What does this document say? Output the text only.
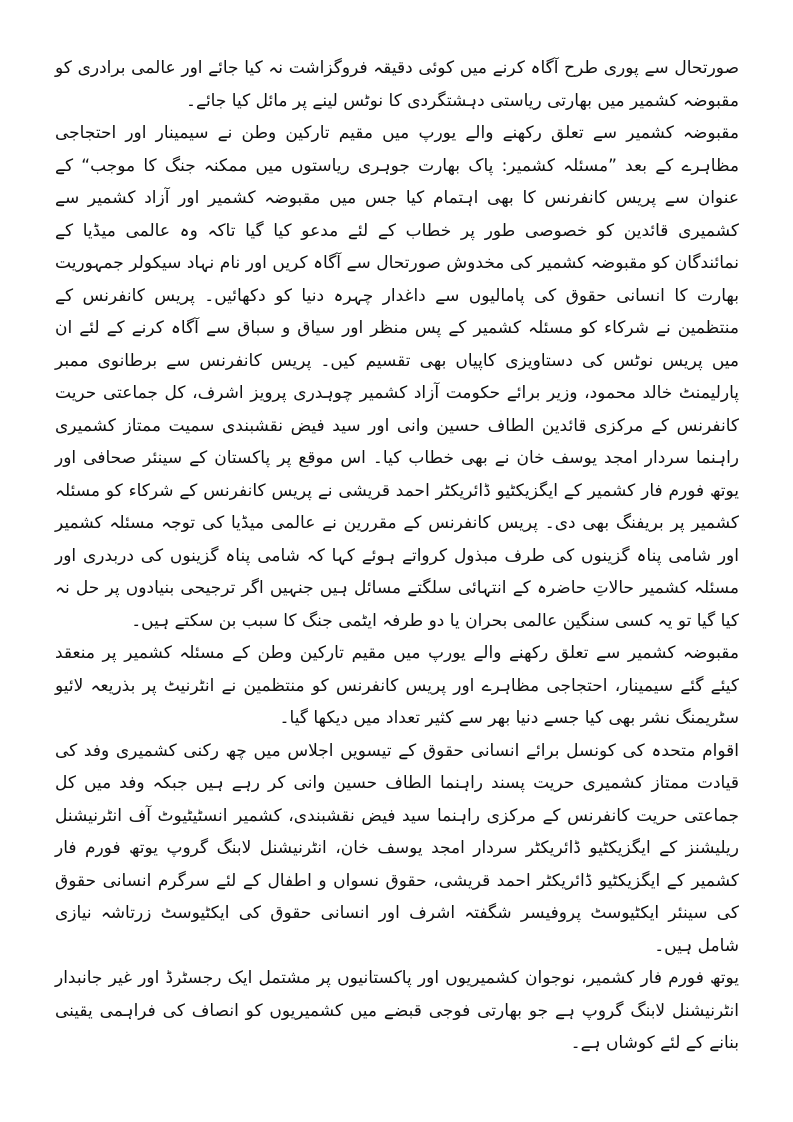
صورتحال سے پوری طرح آگاہ کرنے میں کوئی دقیقہ فروگزاشت نہ کیا جائے اور عالمی برادری کو مقبوضہ کشمیر میں بھارتی ریاستی دہشتگردی کا نوٹس لینے پر مائل کیا جائے۔

مقبوضہ کشمیر سے تعلق رکھنے والے یورپ میں مقیم تارکین وطن نے سیمینار اور احتجاجی مظاہرے کے بعد ”مسئلہ کشمیر: پاک بھارت جوہری ریاستوں میں ممکنہ جنگ کا موجب“ کے عنوان سے پریس کانفرنس کا بھی اہتمام کیا جس میں مقبوضہ کشمیر اور آزاد کشمیر سے کشمیری قائدین کو خصوصی طور پر خطاب کے لئے مدعو کیا گیا تاکہ وہ عالمی میڈیا کے نمائندگان کو مقبوضہ کشمیر کی مخدوش صورتحال سے آگاہ کریں اور نام نہاد سیکولر جمہوریت بھارت کا انسانی حقوق کی پامالیوں سے داغدار چہرہ دنیا کو دکھائیں۔ پریس کانفرنس کے منتظمین نے شرکاء کو مسئلہ کشمیر کے پس منظر اور سیاق و سباق سے آگاہ کرنے کے لئے ان میں پریس نوٹس کی دستاویزی کاپیاں بھی تقسیم کیں۔ پریس کانفرنس سے برطانوی ممبر پارلیمنٹ خالد محمود، وزیر برائے حکومت آزاد کشمیر چوہدری پرویز اشرف، کل جماعتی حریت کانفرنس کے مرکزی قائدین الطاف حسین وانی اور سید فیض نقشبندی سمیت ممتاز کشمیری راہنما سردار امجد یوسف خان نے بھی خطاب کیا۔ اس موقع پر پاکستان کے سینئر صحافی اور یوتھ فورم فار کشمیر کے ایگزیکٹیو ڈائریکٹر احمد قریشی نے پریس کانفرنس کے شرکاء کو مسئلہ کشمیر پر بریفنگ بھی دی۔ پریس کانفرنس کے مقررین نے عالمی میڈیا کی توجہ مسئلہ کشمیر اور شامی پناہ گزینوں کی طرف مبذول کرواتے ہوئے کہا کہ شامی پناہ گزینوں کی دربدری اور مسئلہ کشمیر حالاتِ حاضرہ کے انتہائی سلگتے مسائل ہیں جنہیں اگر ترجیحی بنیادوں پر حل نہ کیا گیا تو یہ کسی سنگین عالمی بحران یا دو طرفہ ایٹمی جنگ کا سبب بن سکتے ہیں۔

مقبوضہ کشمیر سے تعلق رکھنے والے یورپ میں مقیم تارکین وطن کے مسئلہ کشمیر پر منعقد کیئے گئے سیمینار، احتجاجی مظاہرے اور پریس کانفرنس کو منتظمین نے انٹرنیٹ پر بذریعہ لائیو سٹریمنگ نشر بھی کیا جسے دنیا بھر سے کثیر تعداد میں دیکھا گیا۔

اقوام متحدہ کی کونسل برائے انسانی حقوق کے تیسویں اجلاس میں چھ رکنی کشمیری وفد کی قیادت ممتاز کشمیری حریت پسند راہنما الطاف حسین وانی کر رہے ہیں جبکہ وفد میں کل جماعتی حریت کانفرنس کے مرکزی راہنما سید فیض نقشبندی، کشمیر انسٹیٹیوٹ آف انٹرنیشنل ریلیشنز کے ایگزیکٹیو ڈائریکٹر سردار امجد یوسف خان، انٹرنیشنل لابنگ گروپ یوتھ فورم فار کشمیر کے ایگزیکٹیو ڈائریکٹر احمد قریشی، حقوق نسواں و اطفال کے لئے سرگرم انسانی حقوق کی سینئر ایکٹیوسٹ پروفیسر شگفتہ اشرف اور انسانی حقوق کی ایکٹیوسٹ زرتاشہ نیازی شامل ہیں۔

یوتھ فورم فار کشمیر، نوجوان کشمیریوں اور پاکستانیوں پر مشتمل ایک رجسٹرڈ اور غیر جانبدار انٹرنیشنل لابنگ گروپ ہے جو بھارتی فوجی قبضے میں کشمیریوں کو انصاف کی فراہمی یقینی بنانے کے لئے کوشاں ہے۔
